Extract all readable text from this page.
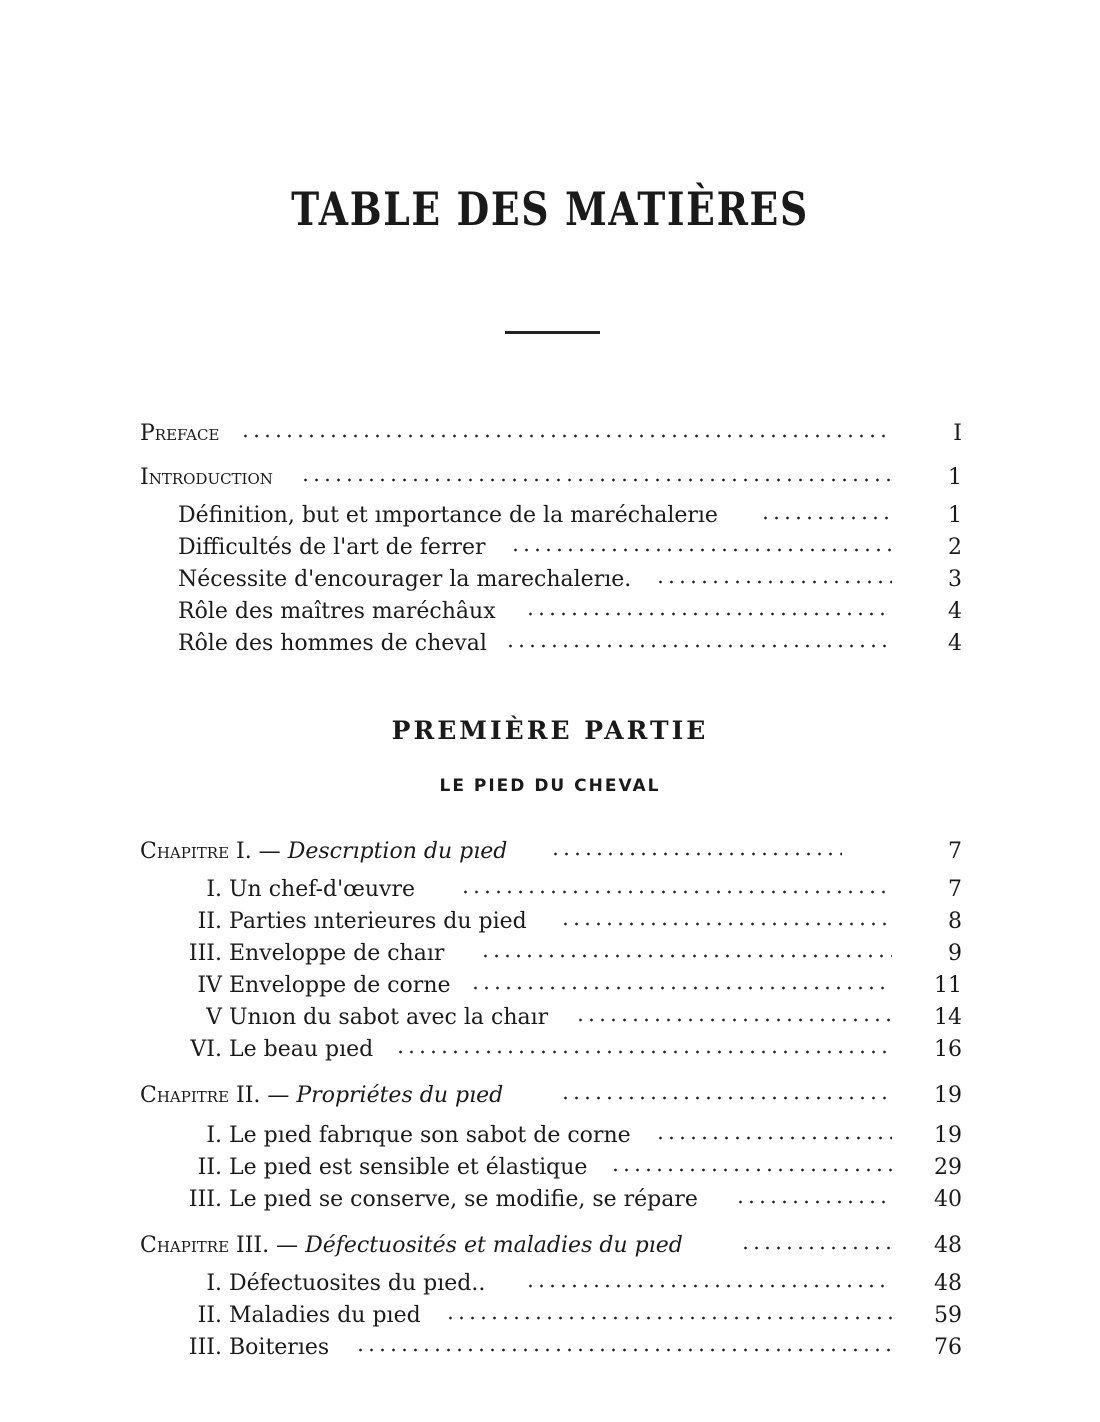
TABLE DES MATIÈRES
Preface	I
Introduction	1
Définition, but et ımportance de la maréchalerıe	1
Difficultés de l'art de ferrer	2
Nécessite d'encourager la marechalerıe.	3
Rôle des maîtres maréchâux	4
Rôle des hommes de cheval	4
PREMIÈRE PARTIE
LE PIED DU CHEVAL
Chapitre I. — Descrıption du pıed	7
I. Un chef-d'œuvre	7
II. Parties ınterieures du pied	8
III. Enveloppe de chaır	9
IV Enveloppe de corne	11
V Unıon du sabot avec la chaır	14
VI. Le beau pıed	16
Chapitre II. — Propriétes du pıed	19
I. Le pıed fabrıque son sabot de corne	19
II. Le pıed est sensible et élastique	29
III. Le pıed se conserve, se modifie, se répare	40
Chapitre III. — Défectuosités et maladies du pıed	48
I. Défectuosites du pıed..	48
II. Maladies du pıed	59
III. Boiterıes	76
